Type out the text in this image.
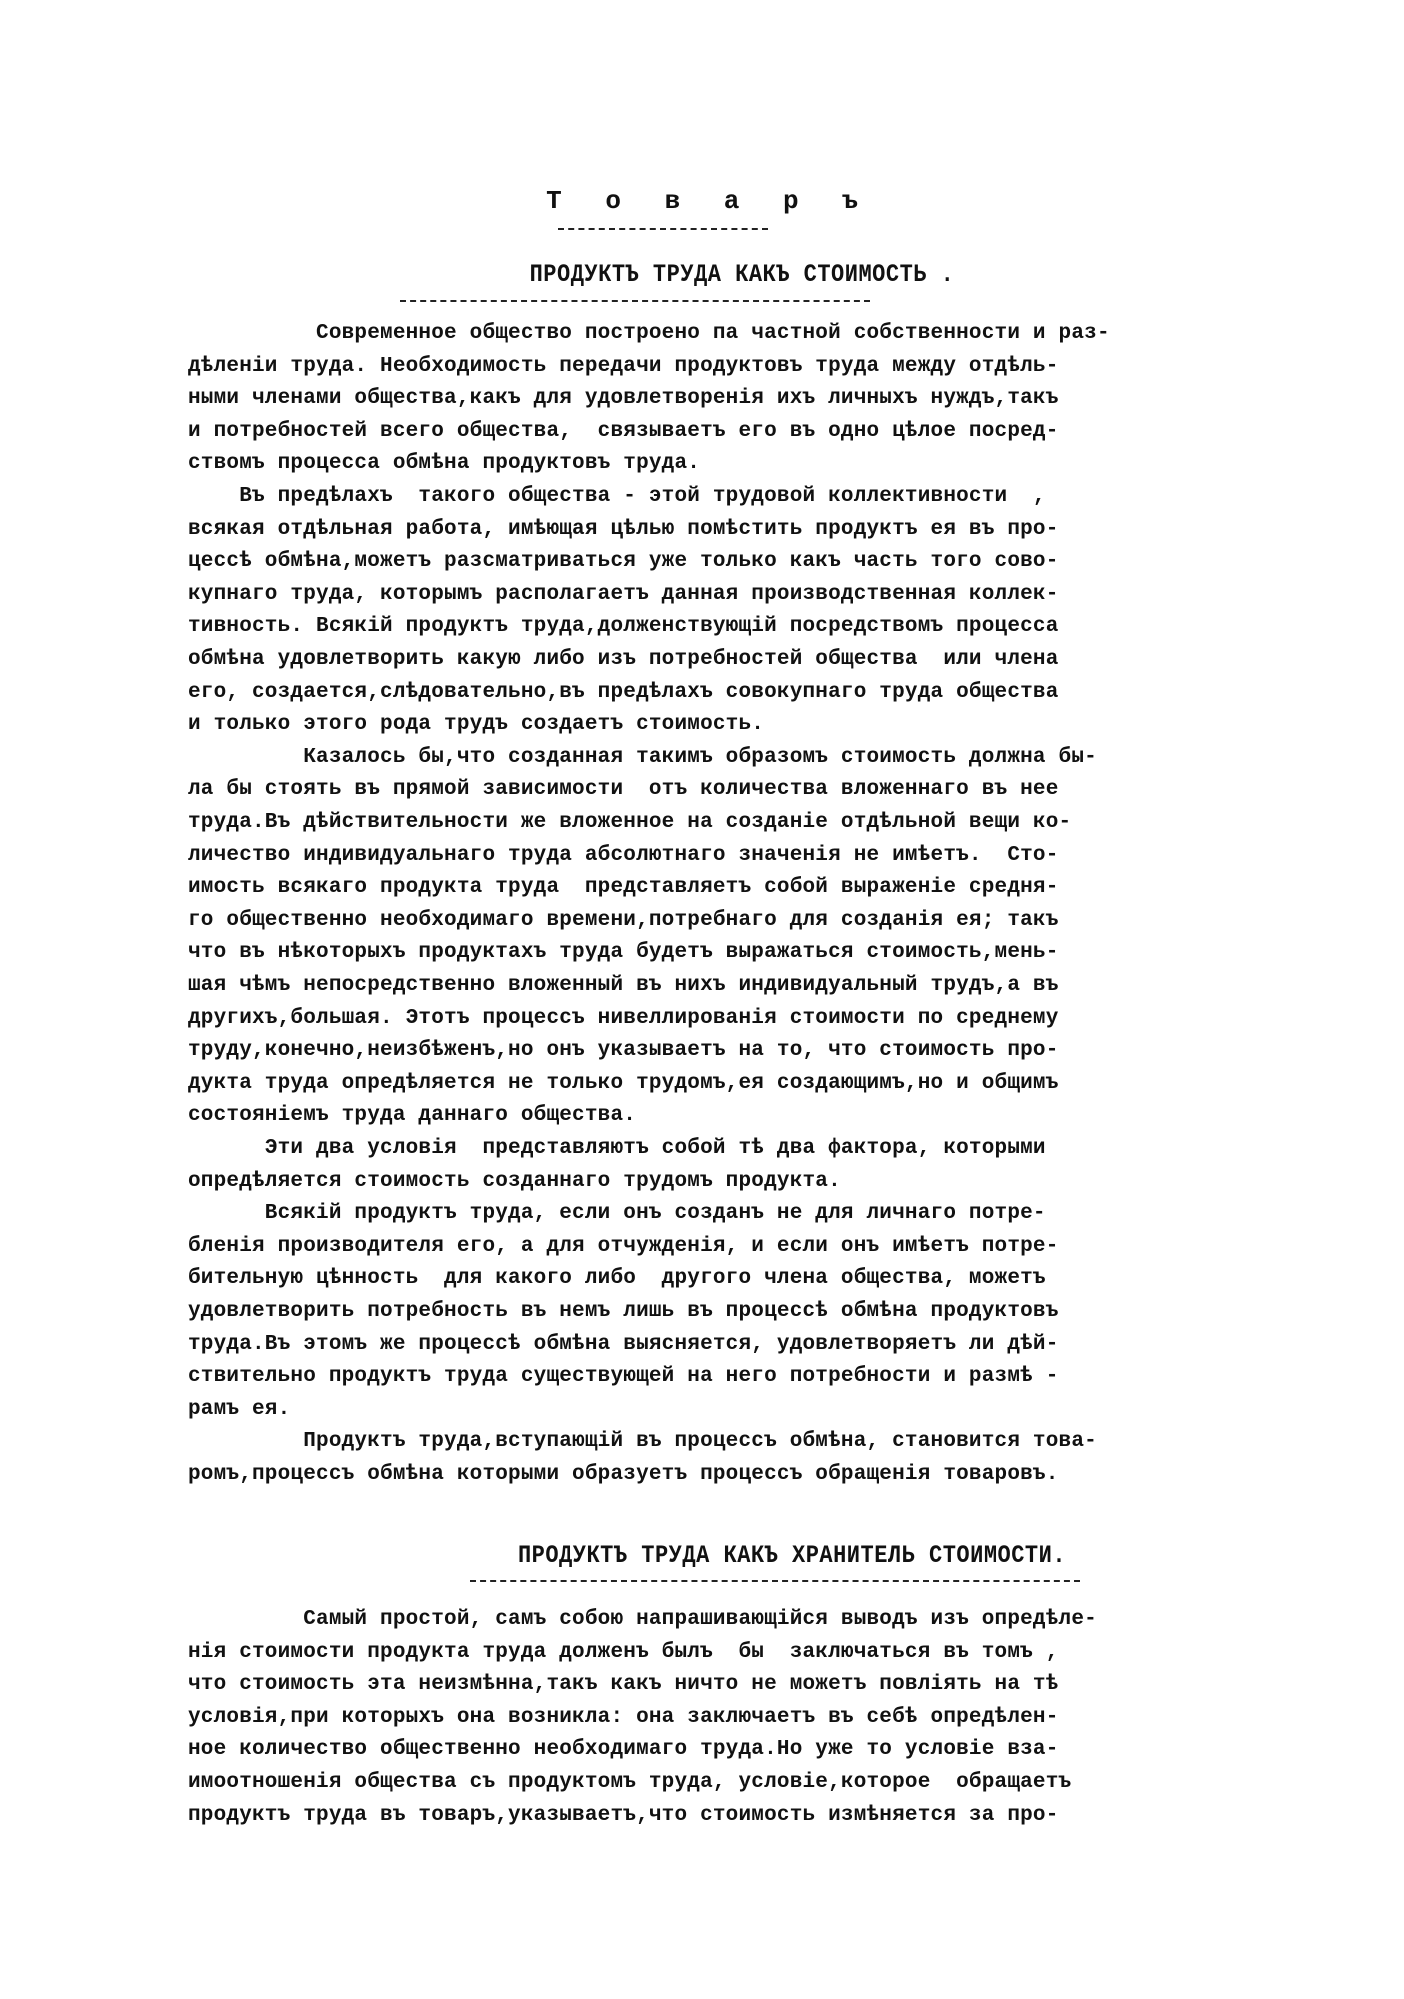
Т о в а р ъ
ПРОДУКТЪ ТРУДА КАКЪ СТОИМОСТЬ .
Современное общество построено па частной собственности и раз-
дѣленіи труда. Необходимость передачи продуктовъ труда между отдѣль-
ными членами общества,какъ для удовлетворенія ихъ личныхъ нуждъ,такъ
и потребностей всего общества,  связываетъ его въ одно цѣлое посред-
ствомъ процесса обмѣна продуктовъ труда.
Въ предѣлахъ  такого общества - этой трудовой коллективности  ,
всякая отдѣльная работа, имѣющая цѣлью помѣстить продуктъ ея въ про-
цессѣ обмѣна,можетъ разсматриваться уже только какъ часть того сово-
купнаго труда, которымъ располагаетъ данная производственная коллек-
тивность. Всякій продуктъ труда,долженствующій посредствомъ процесса
обмѣна удовлетворить какую либо изъ потребностей общества  или члена
его, создается,слѣдовательно,въ предѣлахъ совокупнаго труда общества
и только этого рода трудъ создаетъ стоимость.
Казалось бы,что созданная такимъ образомъ стоимость должна бы-
ла бы стоять въ прямой зависимости  отъ количества вложеннаго въ нее
труда.Въ дѣйствительности же вложенное на созданіе отдѣльной вещи ко-
личество индивидуальнаго труда абсолютнаго значенія не имѣетъ.  Сто-
имость всякаго продукта труда  представляетъ собой выраженіе средня-
го общественно необходимаго времени,потребнаго для созданія ея; такъ
что въ нѣкоторыхъ продуктахъ труда будетъ выражаться стоимость,мень-
шая чѣмъ непосредственно вложенный въ нихъ индивидуальный трудъ,а въ
другихъ,большая. Этотъ процессъ нивеллированія стоимости по среднему
труду,конечно,неизбѣженъ,но онъ указываетъ на то, что стоимость про-
дукта труда опредѣляется не только трудомъ,ея создающимъ,но и общимъ
состояніемъ труда даннаго общества.
Эти два условія  представляютъ собой тѣ два фактора, которыми
опредѣляется стоимость созданнаго трудомъ продукта.
Всякій продуктъ труда, если онъ созданъ не для личнаго потре-
бленія производителя его, а для отчужденія, и если онъ имѣетъ потре-
бительную цѣнность  для какого либо  другого члена общества, можетъ
удовлетворить потребность въ немъ лишь въ процессѣ обмѣна продуктовъ
труда.Въ этомъ же процессѣ обмѣна выясняется, удовлетворяетъ ли дѣй-
ствительно продуктъ труда существующей на него потребности и размѣ -
рамъ ея.
Продуктъ труда,вступающій въ процессъ обмѣна, становится това-
ромъ,процессъ обмѣна которыми образуетъ процессъ обращенія товаровъ.
ПРОДУКТЪ ТРУДА КАКЪ ХРАНИТЕЛЬ СТОИМОСТИ.
Самый простой, самъ собою напрашивающійся выводъ изъ опредѣле-
нія стоимости продукта труда долженъ былъ  бы  заключаться въ томъ ,
что стоимость эта неизмѣнна,такъ какъ ничто не можетъ повліять на тѣ
условія,при которыхъ она возникла: она заключаетъ въ себѣ опредѣлен-
ное количество общественно необходимаго труда.Но уже то условіе вза-
имоотношенія общества съ продуктомъ труда, условіе,которое  обращаетъ
продуктъ труда въ товаръ,указываетъ,что стоимость измѣняется за про-
